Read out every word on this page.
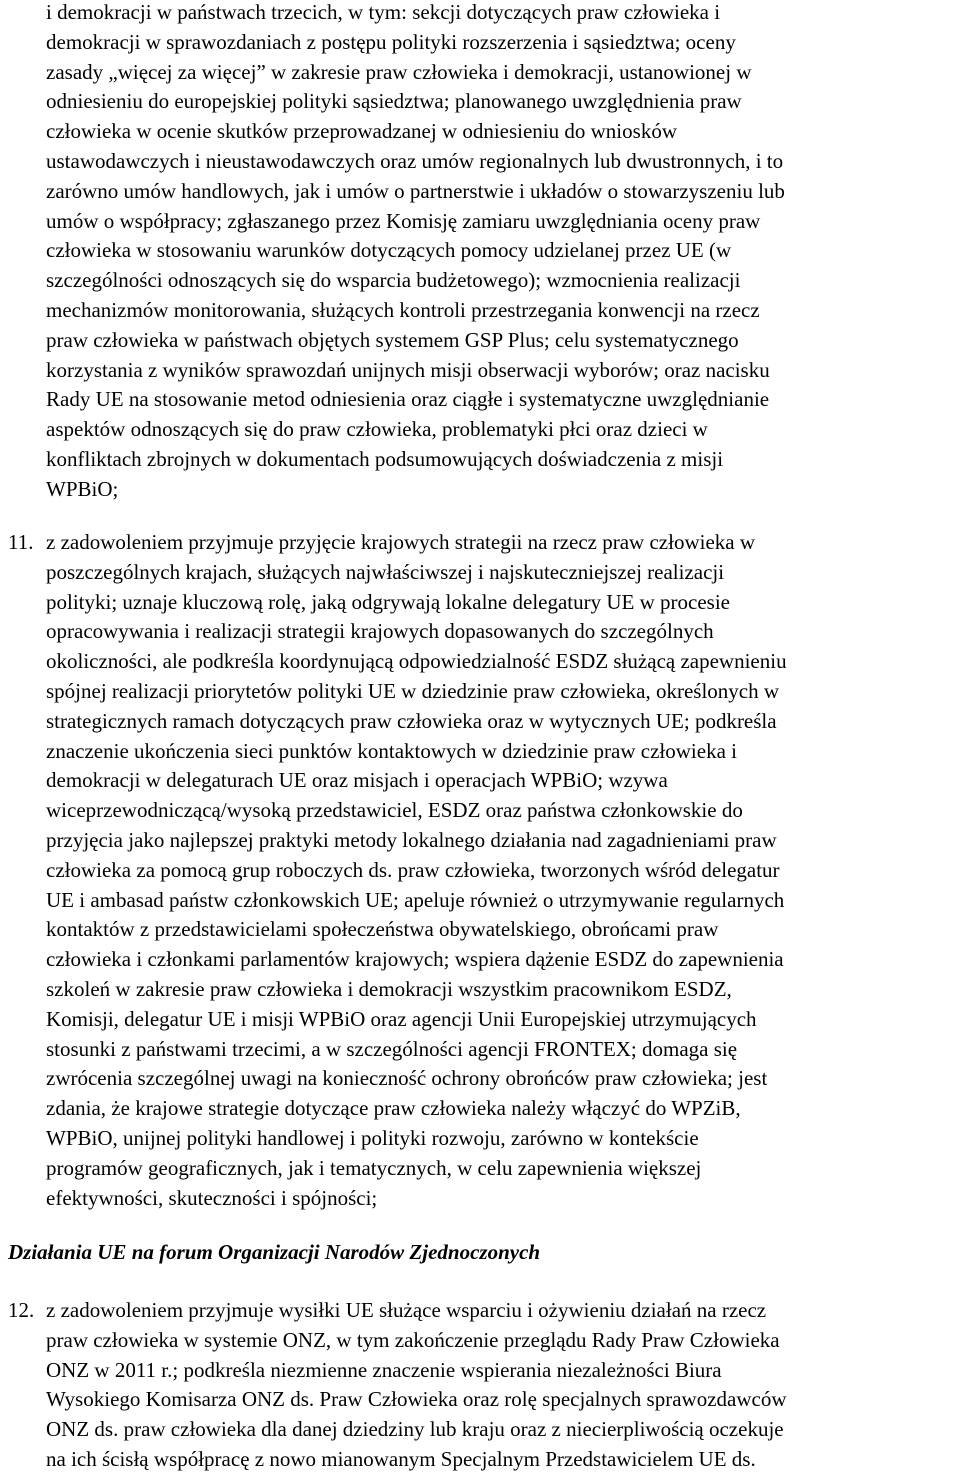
i demokracji w państwach trzecich, w tym: sekcji dotyczących praw człowieka i
demokracji w sprawozdaniach z postępu polityki rozszerzenia i sąsiedztwa; oceny
zasady „więcej za więcej” w zakresie praw człowieka i demokracji, ustanowionej w
odniesieniu do europejskiej polityki sąsiedztwa; planowanego uwzględnienia praw
człowieka w ocenie skutków przeprowadzanej w odniesieniu do wniosków
ustawodawczych i nieustawodawczych oraz umów regionalnych lub dwustronnych, i to
zarówno umów handlowych, jak i umów o partnerstwie i układów o stowarzyszeniu lub
umów o współpracy; zgłaszanego przez Komisję zamiaru uwzględniania oceny praw
człowieka w stosowaniu warunków dotyczących pomocy udzielanej przez UE (w
szczególności odnoszących się do wsparcia budżetowego); wzmocnienia realizacji
mechanizmów monitorowania, służących kontroli przestrzegania konwencji na rzecz
praw człowieka w państwach objętych systemem GSP Plus; celu systematycznego
korzystania z wyników sprawozdań unijnych misji obserwacji wyborów; oraz nacisku
Rady UE na stosowanie metod odniesienia oraz ciągłe i systematyczne uwzględnianie
aspektów odnoszących się do praw człowieka, problematyki płci oraz dzieci w
konfliktach zbrojnych w dokumentach podsumowujących doświadczenia z misji
WPBiO;
11. z zadowoleniem przyjmuje przyjęcie krajowych strategii na rzecz praw człowieka w
poszczególnych krajach, służących najwłaściwszej i najskuteczniejszej realizacji
polityki; uznaje kluczową rolę, jaką odgrywają lokalne delegatury UE w procesie
opracowywania i realizacji strategii krajowych dopasowanych do szczególnych
okoliczności, ale podkreśla koordynującą odpowiedzialność ESDZ służącą zapewnieniu
spójnej realizacji priorytetów polityki UE w dziedzinie praw człowieka, określonych w
strategicznych ramach dotyczących praw człowieka oraz w wytycznych UE; podkreśla
znaczenie ukończenia sieci punktów kontaktowych w dziedzinie praw człowieka i
demokracji w delegaturach UE oraz misjach i operacjach WPBiO; wzywa
wiceprzewodniczącą/wysoką przedstawiciel, ESDZ oraz państwa członkowskie do
przyjęcia jako najlepszej praktyki metody lokalnego działania nad zagadnieniami praw
człowieka za pomocą grup roboczych ds. praw człowieka, tworzonych wśród delegatur
UE i ambasad państw członkowskich UE; apeluje również o utrzymywanie regularnych
kontaktów z przedstawicielami społeczeństwa obywatelskiego, obrońcami praw
człowieka i członkami parlamentów krajowych; wspiera dążenie ESDZ do zapewnienia
szkoleń w zakresie praw człowieka i demokracji wszystkim pracownikom ESDZ,
Komisji, delegatur UE i misji WPBiO oraz agencji Unii Europejskiej utrzymujących
stosunki z państwami trzecimi, a w szczególności agencji FRONTEX; domaga się
zwrócenia szczególnej uwagi na konieczność ochrony obrońców praw człowieka; jest
zdania, że krajowe strategie dotyczące praw człowieka należy włączyć do WPZiB,
WPBiO, unijnej polityki handlowej i polityki rozwoju, zarówno w kontekście
programów geograficznych, jak i tematycznych, w celu zapewnienia większej
efektywności, skuteczności i spójności;
Działania UE na forum Organizacji Narodów Zjednoczonych
12. z zadowoleniem przyjmuje wysiłki UE służące wsparciu i ożywieniu działań na rzecz
praw człowieka w systemie ONZ, w tym zakończenie przeglądu Rady Praw Człowieka
ONZ w 2011 r.; podkreśla niezmienne znaczenie wspierania niezależności Biura
Wysokiego Komisarza ONZ ds. Praw Człowieka oraz rolę specjalnych sprawozdawców
ONZ ds. praw człowieka dla danej dziedziny lub kraju oraz z niecierpliwością oczekuje
na ich ścisłą współpracę z nowo mianowanym Specjalnym Przedstawicielem UE ds.
